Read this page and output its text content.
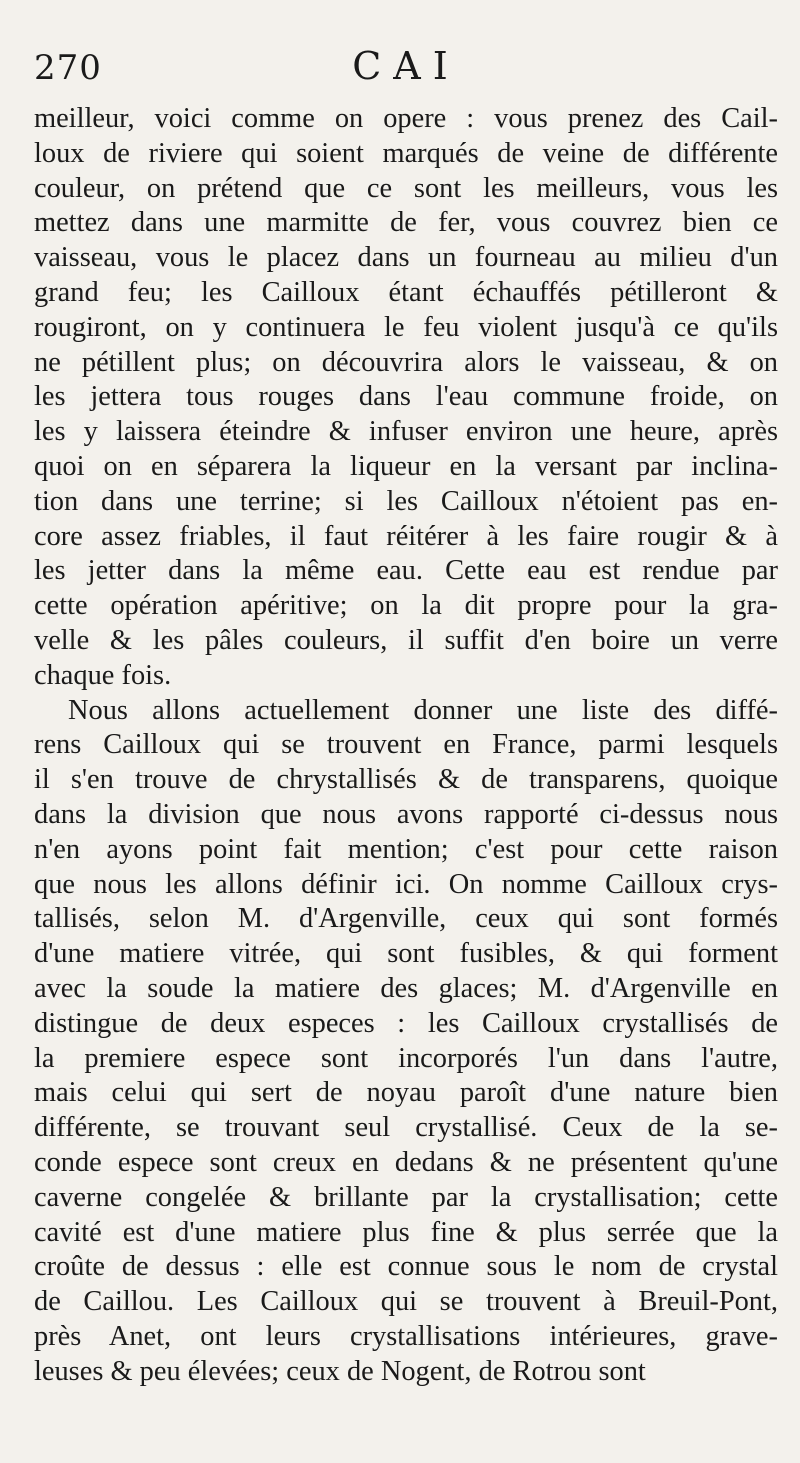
270	CAI
meilleur, voici comme on opere : vous prenez des Cail-
loux de riviere qui soient marqués de veine de différente
couleur, on prétend que ce sont les meilleurs, vous les
mettez dans une marmitte de fer, vous couvrez bien ce
vaisseau, vous le placez dans un fourneau au milieu d'un
grand feu; les Cailloux étant échauffés pétilleront &
rougiront, on y continuera le feu violent jusqu'à ce qu'ils
ne pétillent plus; on découvrira alors le vaisseau, & on
les jettera tous rouges dans l'eau commune froide, on
les y laissera éteindre & infuser environ une heure, après
quoi on en séparera la liqueur en la versant par inclina-
tion dans une terrine; si les Cailloux n'étoient pas en-
core assez friables, il faut réitérer à les faire rougir & à
les jetter dans la même eau. Cette eau est rendue par
cette opération apéritive; on la dit propre pour la gra-
velle & les pâles couleurs, il suffit d'en boire un verre
chaque fois.
Nous allons actuellement donner une liste des diffé-
rens Cailloux qui se trouvent en France, parmi lesquels
il s'en trouve de chrystallisés & de transparens, quoique
dans la division que nous avons rapporté ci-dessus nous
n'en ayons point fait mention; c'est pour cette raison
que nous les allons définir ici. On nomme Cailloux crys-
tallisés, selon M. d'Argenville, ceux qui sont formés
d'une matiere vitrée, qui sont fusibles, & qui forment
avec la soude la matiere des glaces; M. d'Argenville en
distingue de deux especes : les Cailloux crystallisés de
la premiere espece sont incorporés l'un dans l'autre,
mais celui qui sert de noyau paroît d'une nature bien
différente, se trouvant seul crystallisé. Ceux de la se-
conde espece sont creux en dedans & ne présentent qu'une
caverne congelée & brillante par la crystallisation; cette
cavité est d'une matiere plus fine & plus serrée que la
croûte de dessus : elle est connue sous le nom de crystal
de Caillou. Les Cailloux qui se trouvent à Breuil-Pont,
près Anet, ont leurs crystallisations intérieures, grave-
leuses & peu élevées; ceux de Nogent, de Rotrou sont
